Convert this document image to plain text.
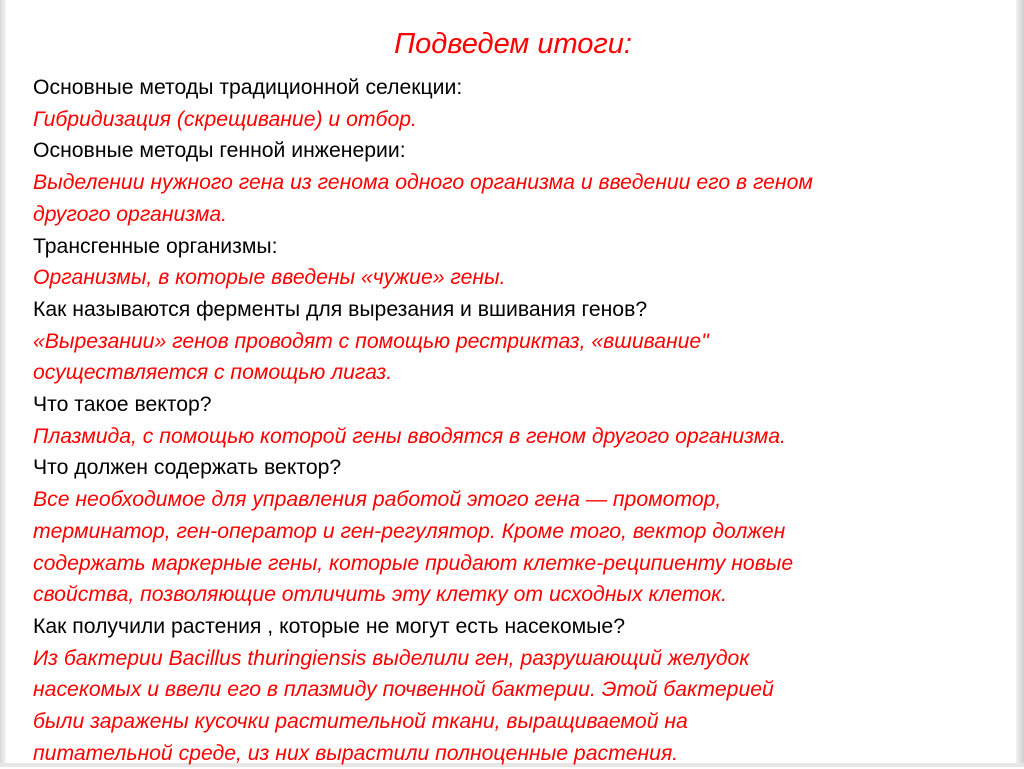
Подведем итоги:
Основные методы традиционной селекции:
Гибридизация (скрещивание) и отбор.
Основные методы генной инженерии:
Выделении нужного гена из генома одного организма и введении его в геном
другого организма.
Трансгенные организмы:
Организмы, в которые введены «чужие» гены.
Как называются ферменты для вырезания и вшивания генов?
«Вырезании» генов проводят с помощью рестриктаз, «вшивание"
осуществляется с помощью лигаз.
Что такое вектор?
Плазмида, с помощью которой гены вводятся в геном другого организма.
Что должен содержать вектор?
Все необходимое для управления работой этого гена — промотор,
терминатор, ген-оператор и ген-регулятор. Кроме того, вектор должен
содержать маркерные гены, которые придают клетке-реципиенту новые
свойства, позволяющие отличить эту клетку от исходных клеток.
Как получили растения , которые не могут есть насекомые?
Из бактерии Bacillus thuringiensis выделили ген, разрушающий желудок
насекомых и ввели его в плазмиду почвенной бактерии. Этой бактерией
были заражены кусочки растительной ткани, выращиваемой на
питательной среде, из них вырастили полноценные растения.
